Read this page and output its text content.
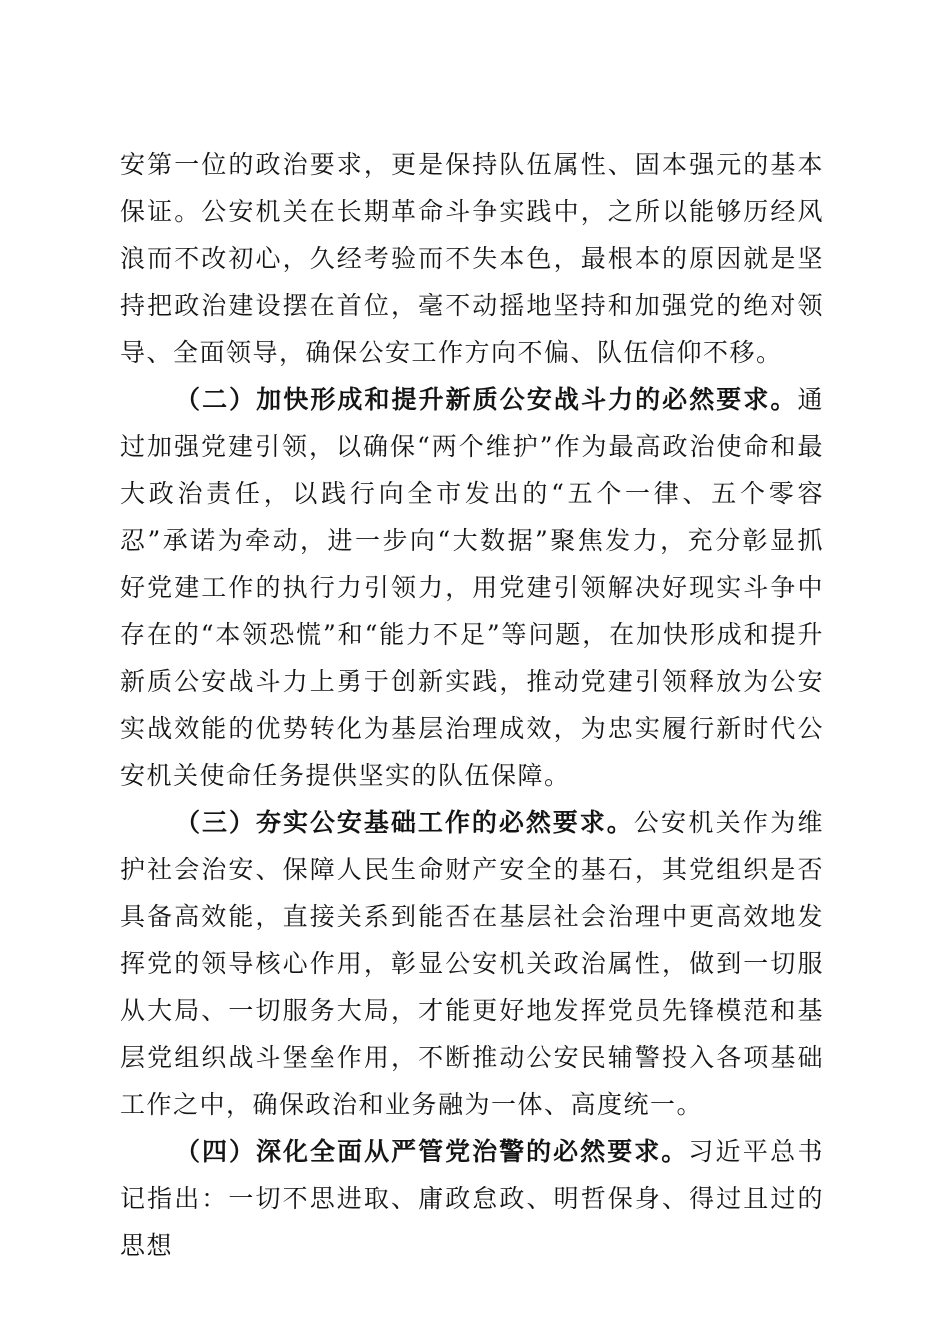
安第一位的政治要求，更是保持队伍属性、固本强元的基本保证。公安机关在长期革命斗争实践中，之所以能够历经风浪而不改初心，久经考验而不失本色，最根本的原因就是坚持把政治建设摆在首位，毫不动摇地坚持和加强党的绝对领导、全面领导，确保公安工作方向不偏、队伍信仰不移。

（二）加快形成和提升新质公安战斗力的必然要求。通过加强党建引领，以确保“两个维护”作为最高政治使命和最大政治责任，以践行向全市发出的“五个一律、五个零容忍”承诺为牵动，进一步向“大数据”聚焦发力，充分彰显抓好党建工作的执行力引领力，用党建引领解决好现实斗争中存在的“本领恐慌”和“能力不足”等问题，在加快形成和提升新质公安战斗力上勇于创新实践，推动党建引领释放为公安实战效能的优势转化为基层治理成效，为忠实履行新时代公安机关使命任务提供坚实的队伍保障。

（三）夯实公安基础工作的必然要求。公安机关作为维护社会治安、保障人民生命财产安全的基石，其党组织是否具备高效能，直接关系到能否在基层社会治理中更高效地发挥党的领导核心作用，彰显公安机关政治属性，做到一切服从大局、一切服务大局，才能更好地发挥党员先锋模范和基层党组织战斗堡垒作用，不断推动公安民辅警投入各项基础工作之中，确保政治和业务融为一体、高度统一。

（四）深化全面从严管党治警的必然要求。习近平总书记指出：一切不思进取、庸政怠政、明哲保身、得过且过的思想
